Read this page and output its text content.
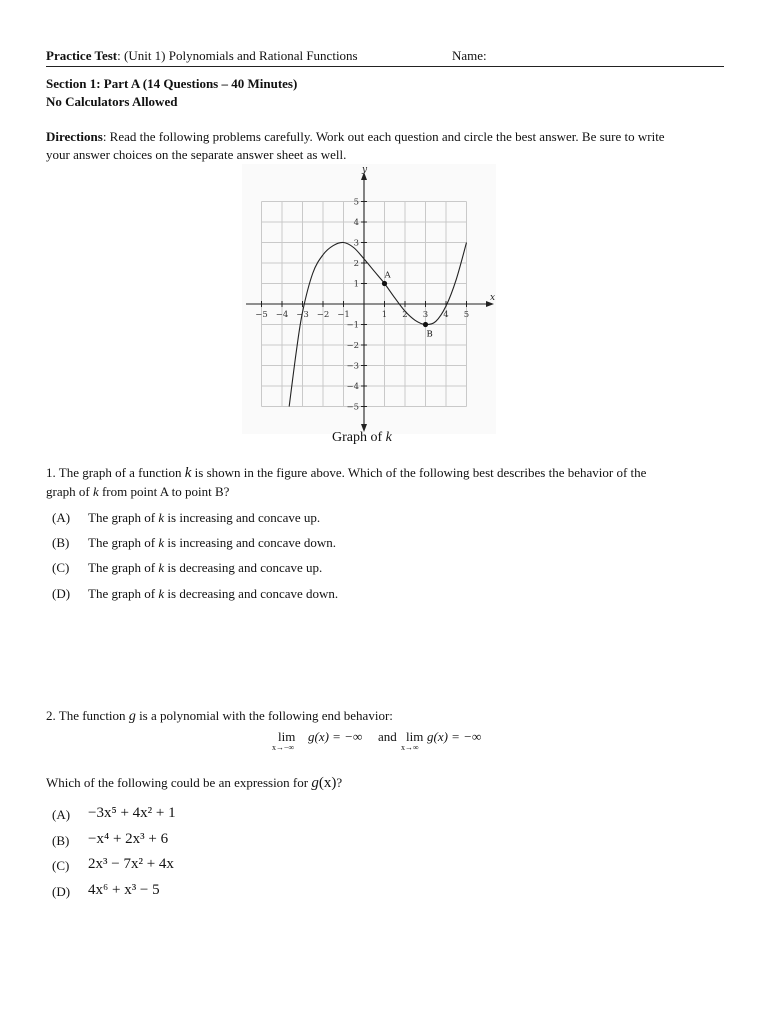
Practice Test: (Unit 1) Polynomials and Rational Functions	Name:
Section 1: Part A (14 Questions – 40 Minutes)
No Calculators Allowed
Directions: Read the following problems carefully. Work out each question and circle the best answer. Be sure to write
your answer choices on the separate answer sheet as well.
−5 −4 −3 −2 −1	1 2 3 4 5
5
4
3
2
1
−1
−2
−3
−4
−5
A
B
x
y
Graph of k
1. The graph of a function k is shown in the figure above. Which of the following best describes the behavior of the
graph of k from point A to point B?
(A) The graph of k is increasing and concave up.
(B) The graph of k is increasing and concave down.
(C) The graph of k is decreasing and concave up.
(D) The graph of k is decreasing and concave down.
2. The function g is a polynomial with the following end behavior:
lim
x→−∞
g(x) = −∞ and lim
x→∞
g(x) = −∞
Which of the following could be an expression for g(x)?
(A) −3x⁵ + 4x² + 1
(B) −x⁴ + 2x³ + 6
(C) 2x³ − 7x² + 4x
(D) 4x⁶ + x³ − 5
